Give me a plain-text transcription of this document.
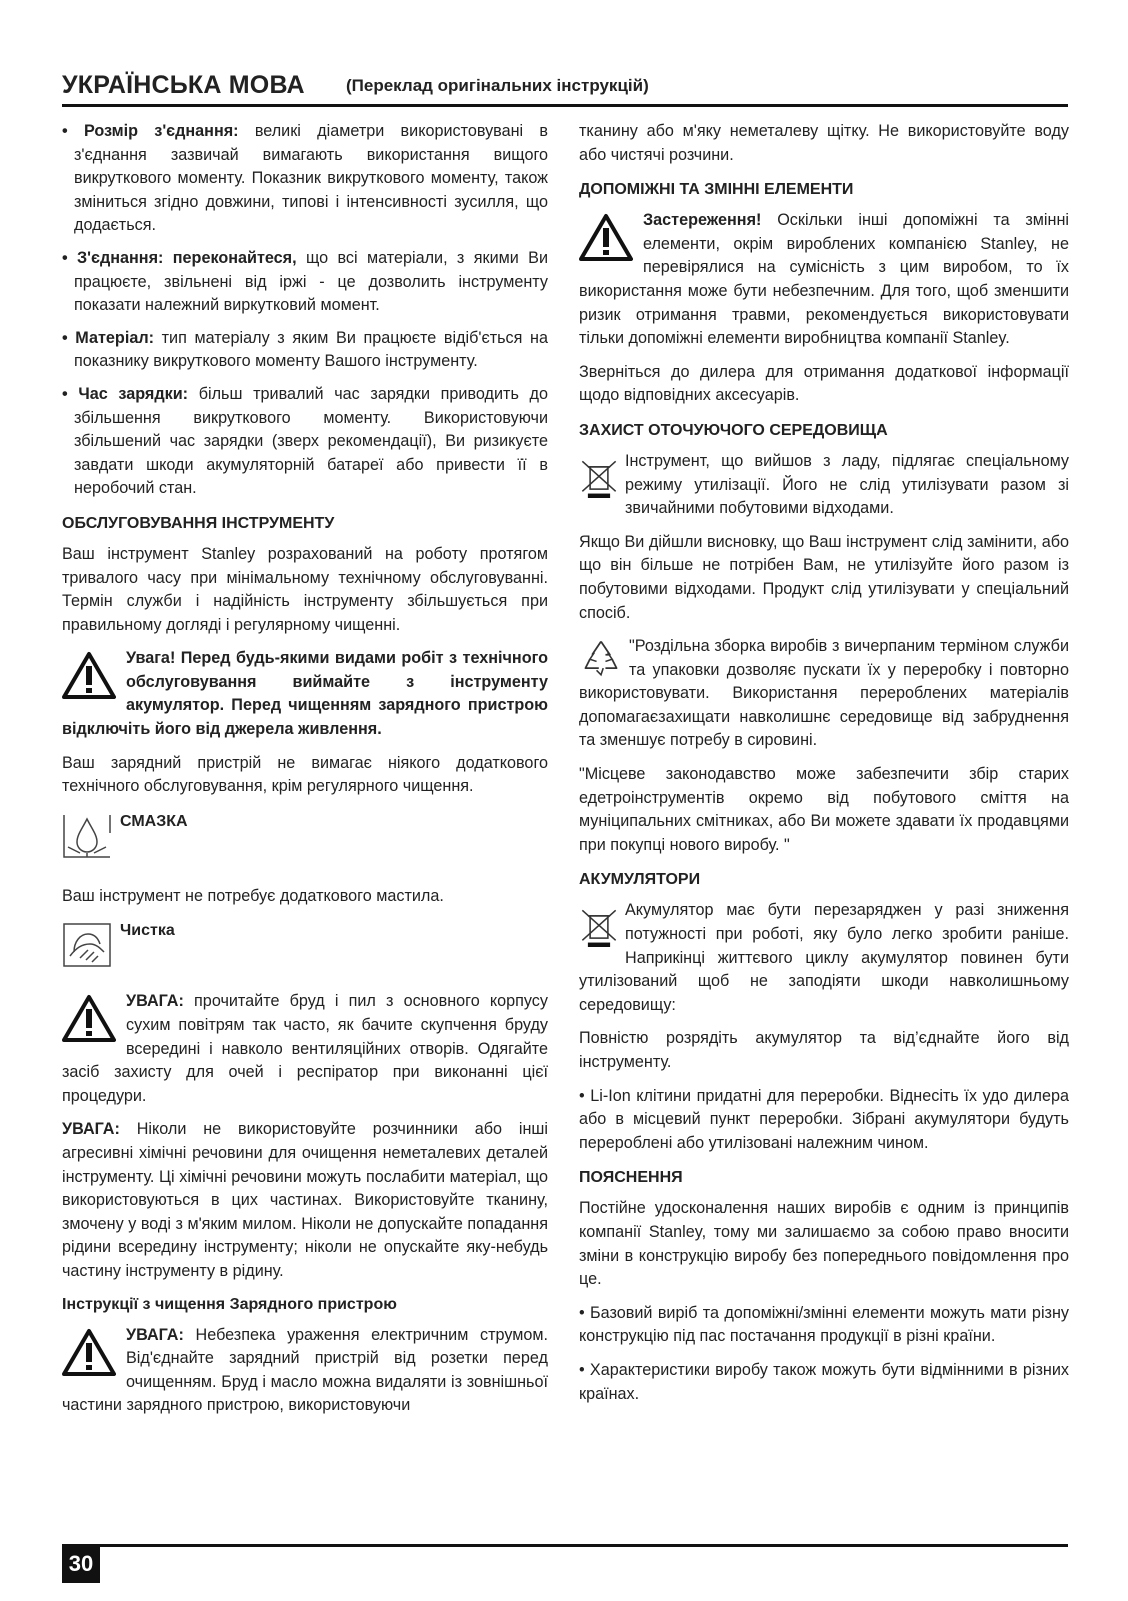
УКРАЇНСЬКА МОВА (Переклад оригінальних інструкцій)

• Розмір з'єднання: великі діаметри використовувані в з'єднання зазвичай вимагають використання вищого викруткового моменту. Показник викруткового моменту, також зміниться згідно довжини, типові і інтенсивності зусилля, що додається.

• З'єднання: переконайтеся, що всі матеріали, з якими Ви працюєте, звільнені від іржі - це дозволить інструменту показати належний виркутковий момент.

• Матеріал: тип матеріалу з яким Ви працюєте відіб'ється на показнику викруткового моменту Вашого інструменту.

• Час зарядки: більш тривалий час зарядки приводить до збільшення викруткового моменту. Використовуючи збільшений час зарядки (зверх рекомендації), Ви ризикуєте завдати шкоди акумуляторній батареї або привести її в неробочий стан.

ОБСЛУГОВУВАННЯ ІНСТРУМЕНТУ

Ваш інструмент Stanley розрахований на роботу протягом тривалого часу при мінімальному технічному обслуговуванні. Термін служби і надійність інструменту збільшується при правильному догляді і регулярному чищенні.

Увага! Перед будь-якими видами робіт з технічного обслуговування виймайте з інструменту акумулятор. Перед чищенням зарядного пристрою відключіть його від джерела живлення.

Ваш зарядний пристрій не вимагає ніякого додаткового технічного обслуговування, крім регулярного чищення.

СМАЗКА

Ваш інструмент не потребує додаткового мастила.

Чистка

УВАГА: прочитайте бруд і пил з основного корпусу сухим повітрям так часто, як бачите скупчення бруду всередині і навколо вентиляційних отворів. Одягайте засіб захисту для очей і респіратор при виконанні цієї процедури.

УВАГА: Ніколи не використовуйте розчинники або інші агресивні хімічні речовини для очищення неметалевих деталей інструменту. Ці хімічні речовини можуть послабити матеріал, що використовуються в цих частинах. Використовуйте тканину, змочену у воді з м'яким милом. Ніколи не допускайте попадання рідини всередину інструменту; ніколи не опускайте яку-небудь частину інструменту в рідину.

Інструкції з чищення Зарядного пристрою

УВАГА: Небезпека ураження електричним струмом. Від'єднайте зарядний пристрій від розетки перед очищенням. Бруд і масло можна видаляти із зовнішньої частини зарядного пристрою, використовуючи

тканину або м'яку неметалеву щітку. Не використовуйте воду або чистячі розчини.

ДОПОМІЖНІ ТА ЗМІННІ ЕЛЕМЕНТИ

Застереження! Оскільки інші допоміжні та змінні елементи, окрім вироблених компанією Stanley, не перевірялися на сумісність з цим виробом, то їх використання може бути небезпечним. Для того, щоб зменшити ризик отримання травми, рекомендується використовувати тільки допоміжні елементи виробництва компанії Stanley.

Зверніться до дилера для отримання додаткової інформації щодо відповідних аксесуарів.

ЗАХИСТ ОТОЧУЮЧОГО СЕРЕДОВИЩА

Інструмент, що вийшов з ладу, підлягає спеціальному режиму утилізації. Його не слід утилізувати разом зі звичайними побутовими відходами.

Якщо Ви дійшли висновку, що Ваш інструмент слід замінити, або що він більше не потрібен Вам, не утилізуйте його разом із побутовими відходами. Продукт слід утилізувати у спеціальний спосіб.

"Роздільна зборка виробів з вичерпаним терміном служби та упаковки дозволяє пускати їх у переробку і повторно використовувати. Використання перероблених матеріалів допомагаєзахищати навколишнє середовище від забруднення та зменшує потребу в сировині.

"Місцеве законодавство може забезпечити збір старих едетроінструментів окремо від побутового сміття на муніципальних смітниках, або Ви можете здавати їх продавцями при покупці нового виробу. "

АКУМУЛЯТОРИ

Акумулятор має бути перезаряджен у разі зниження потужності при роботі, яку було легко зробити раніше. Наприкінці життєвого циклу акумулятор повинен бути утилізований щоб не заподіяти шкоди навколишньому середовищу:

Повністю розрядіть акумулятор та від’єднайте його від інструменту.

• Li-Ion клітини придатні для переробки. Віднесіть їх удо дилера або в місцевий пункт переробки. Зібрані акумулятори будуть перероблені або утилізовані належним чином.

ПОЯСНЕННЯ

Постійне удосконалення наших виробів є одним із принципів компанії Stanley, тому ми залишаємо за собою право вносити зміни в конструкцію виробу без попереднього повідомлення про це.

• Базовий виріб та допоміжні/змінні елементи можуть мати різну конструкцію під пас постачання продукції в різні країни.

• Характеристики виробу також можуть бути відмінними в різних країнах.

30
